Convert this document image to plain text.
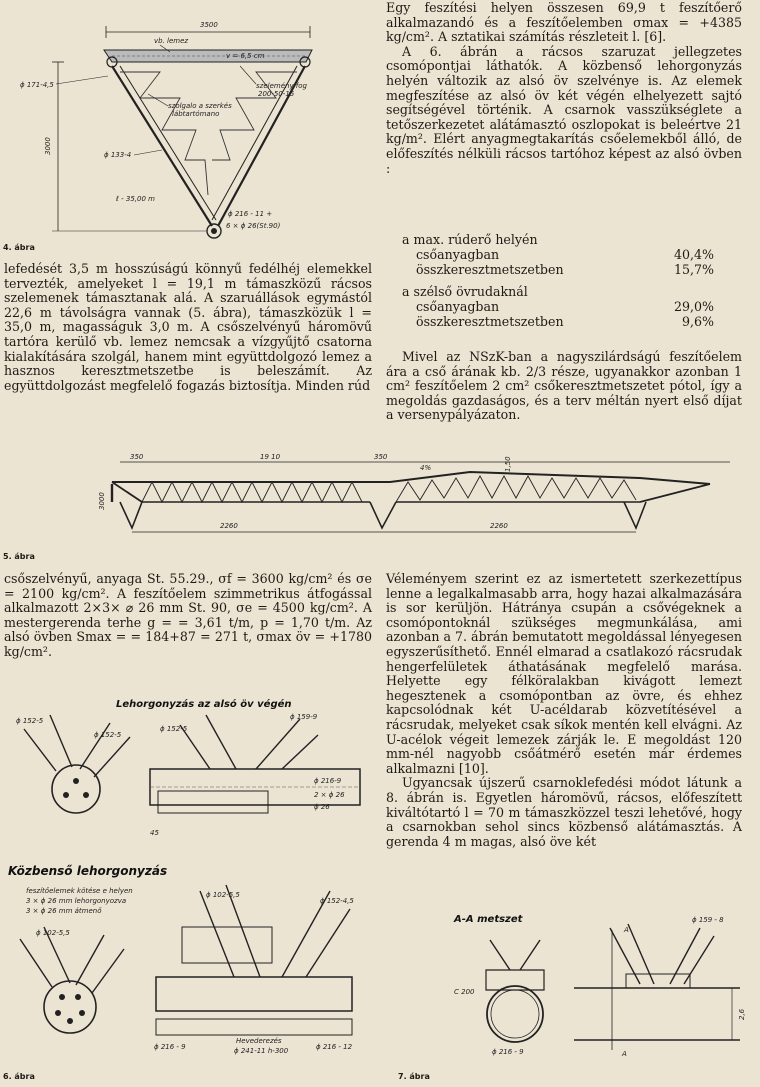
3500
3000
vb. lemez
v = 6,5 cm
ϕ 171-4,5	szelemény fog
200-50-15
szolgalo a szerkés
lábtartómano
ϕ 133-4
ℓ - 35,00 m
ϕ 216 - 11 +
6 × ϕ 26(St.90)
4. ábra

Egy feszítési helyen összesen 69,9 t feszítőerő alkalmazandó és a feszítőelemben σmax = +4385 kg/cm². A sztatikai számítás részleteit l. [6].

A 6. ábrán a rácsos szaruzat jellegzetes csomópontjai láthatók. A közbenső lehorgonyzás helyén változik az alsó öv szelvénye is. Az elemek megfeszítése az alsó öv két végén elhelyezett sajtó segítségével történik. A csarnok vasszükséglete a tetőszerkezetet alátámasztó oszlopokat is beleértve 21 kg/m². Elért anyagmegtakarítás csőelemekből álló, de előfeszítés nélküli rácsos tartóhoz képest az alsó övben :

a max. rúderő helyén
csőanyagban	40,4%
összkeresztmetszetben	15,7%
a szélső övrudaknál
csőanyagban	29,0%
összkeresztmetszetben	9,6%
Mivel az NSzK-ban a nagyszilárdságú feszítőelem ára a cső árának kb. 2/3 része, ugyanakkor azonban 1 cm² feszítőelem 2 cm² csőkeresztmetszetet pótol, így a megoldás gazdaságos, és a terv méltán nyert első díjat a versenypályázaton.
lefedését 3,5 m hosszúságú könnyű fedélhéj elemekkel tervezték, amelyeket l = 19,1 m támaszközű rácsos szelemenek támasztanak alá. A szaruállások egymástól 22,6 m távolságra vannak (5. ábra), támaszközük l = 35,0 m, magasságuk 3,0 m. A csőszelvényű háromövű tartóra kerülő vb. lemez nemcsak a vízgyűjtő csatorna kialakítására szolgál, hanem mint együttdolgozó lemez a hasznos keresztmetszetbe is beleszámít. Az együttdolgozást megfelelő fogazás biztosítja. Minden rúd
350	19 10	350
4%	1,50
3000
2260	2260
5. ábra
csőszelvényű, anyaga St. 55.29., σf = 3600 kg/cm² és σe = 2100 kg/cm². A feszítőelem szimmetrikus átfogással alkalmazott 2×3× ⌀ 26 mm St. 90, σe = 4500 kg/cm². A mestergerenda terhe g = = 3,61 t/m, p = 1,70 t/m. Az alsó övben Smax = = 184+87 = 271 t, σmax öv = +1780 kg/cm².
Lehorgonyzás az alsó öv végén
ϕ 152-5
ϕ 152-5
ϕ 152-5
ϕ 159-9
ϕ 216-9
2 × ϕ 26
ϕ 26
45
Közbenső lehorgonyzás
feszítőelemek kötése e helyen
3 × ϕ 26 mm lehorgonyozva
3 × ϕ 26 mm átmenő
ϕ 102-5,5
ϕ 102-5,5
ϕ 152-4,5
ϕ 216 - 9	ϕ 216 - 12
Hevederezés
ϕ 241-11 h-300
6. ábra

Véleményem szerint ez az ismertetett szerkezettípus lenne a legalkalmasabb arra, hogy hazai alkalmazására is sor kerüljön. Hátránya csupán a csővégeknek a csomópontoknál szükséges megmunkálása, ami azonban a 7. ábrán bemutatott megoldással lényegesen egyszerűsíthető. Ennél elmarad a csatlakozó rácsrudak hengerfelületek áthatásának megfelelő marása. Helyette egy félköralakban kivágott lemezt hegesztenek a csomópontban az övre, és ehhez kapcsolódnak két U-acéldarab közvetítésével a rácsrudak, melyeket csak síkok mentén kell elvágni. Az U-acélok végeit lemezek zárják le. E megoldást 120 mm-nél nagyobb csőátmérő esetén már érdemes alkalmazni [10].

Ugyancsak újszerű csarnoklefedési módot látunk a 8. ábrán is. Egyetlen háromövű, rácsos, előfeszített kiváltótartó l = 70 m támaszközzel teszi lehetővé, hogy a csarnokban sehol sincs közbenső alátámasztás. A gerenda 4 m magas, alsó öve két

A-A metszet
C 200
ϕ 216 - 9
A
A
ϕ 159 - 8
2,6
7. ábra
